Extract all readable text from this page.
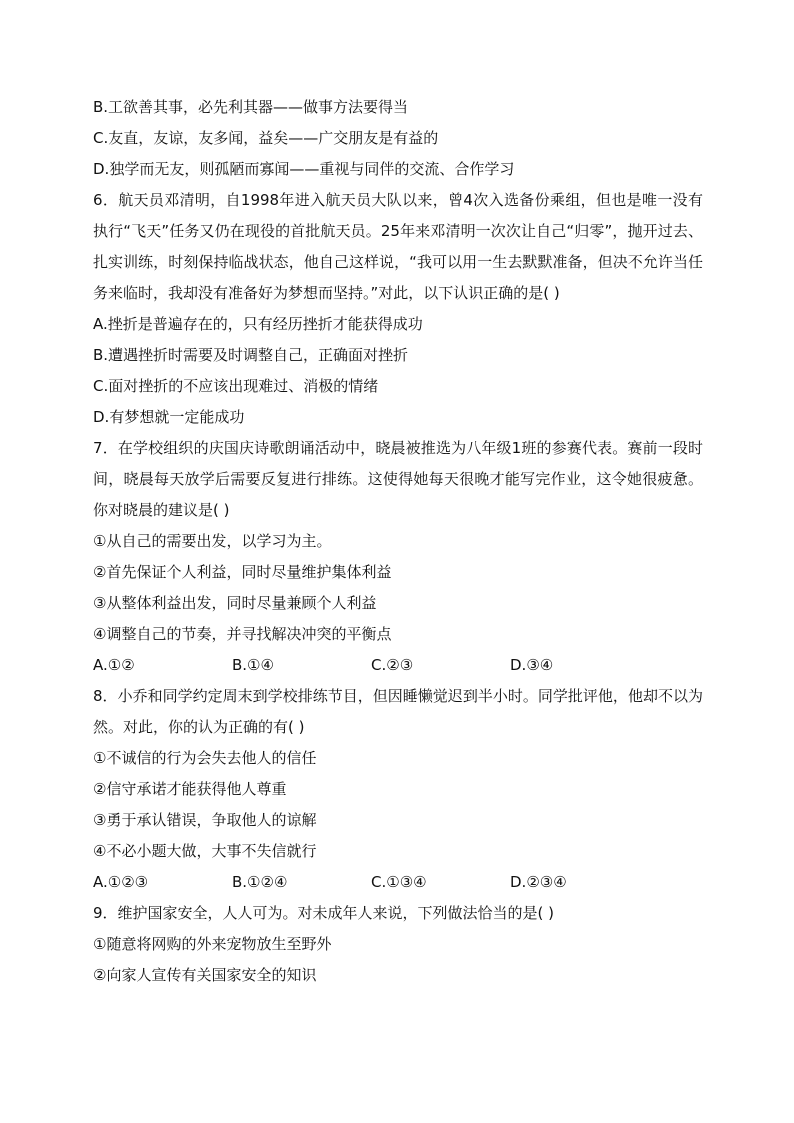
B.工欲善其事，必先利其器——做事方法要得当
C.友直，友谅，友多闻，益矣——广交朋友是有益的
D.独学而无友，则孤陋而寡闻——重视与同伴的交流、合作学习
6．航天员邓清明，自1998年进入航天员大队以来，曾4次入选备份乘组，但也是唯一没有执行“飞天”任务又仍在现役的首批航天员。25年来邓清明一次次让自己“归零”，抛开过去、扎实训练，时刻保持临战状态，他自己这样说，“我可以用一生去默默准备，但决不允许当任务来临时，我却没有准备好为梦想而坚持。”对此，以下认识正确的是( )
A.挫折是普遍存在的，只有经历挫折才能获得成功
B.遭遇挫折时需要及时调整自己，正确面对挫折
C.面对挫折的不应该出现难过、消极的情绪
D.有梦想就一定能成功
7．在学校组织的庆国庆诗歌朗诵活动中，晓晨被推选为八年级1班的参赛代表。赛前一段时间，晓晨每天放学后需要反复进行排练。这使得她每天很晚才能写完作业，这令她很疲惫。你对晓晨的建议是( )
①从自己的需要出发，以学习为主。
②首先保证个人利益，同时尽量维护集体利益
③从整体利益出发，同时尽量兼顾个人利益
④调整自己的节奏，并寻找解决冲突的平衡点
A.①②	B.①④	C.②③	D.③④
8．小乔和同学约定周末到学校排练节目，但因睡懒觉迟到半小时。同学批评他，他却不以为然。对此，你的认为正确的有( )
①不诚信的行为会失去他人的信任
②信守承诺才能获得他人尊重
③勇于承认错误，争取他人的谅解
④不必小题大做，大事不失信就行
A.①②③	B.①②④	C.①③④	D.②③④
9．维护国家安全，人人可为。对未成年人来说，下列做法恰当的是( )
①随意将网购的外来宠物放生至野外
②向家人宣传有关国家安全的知识
